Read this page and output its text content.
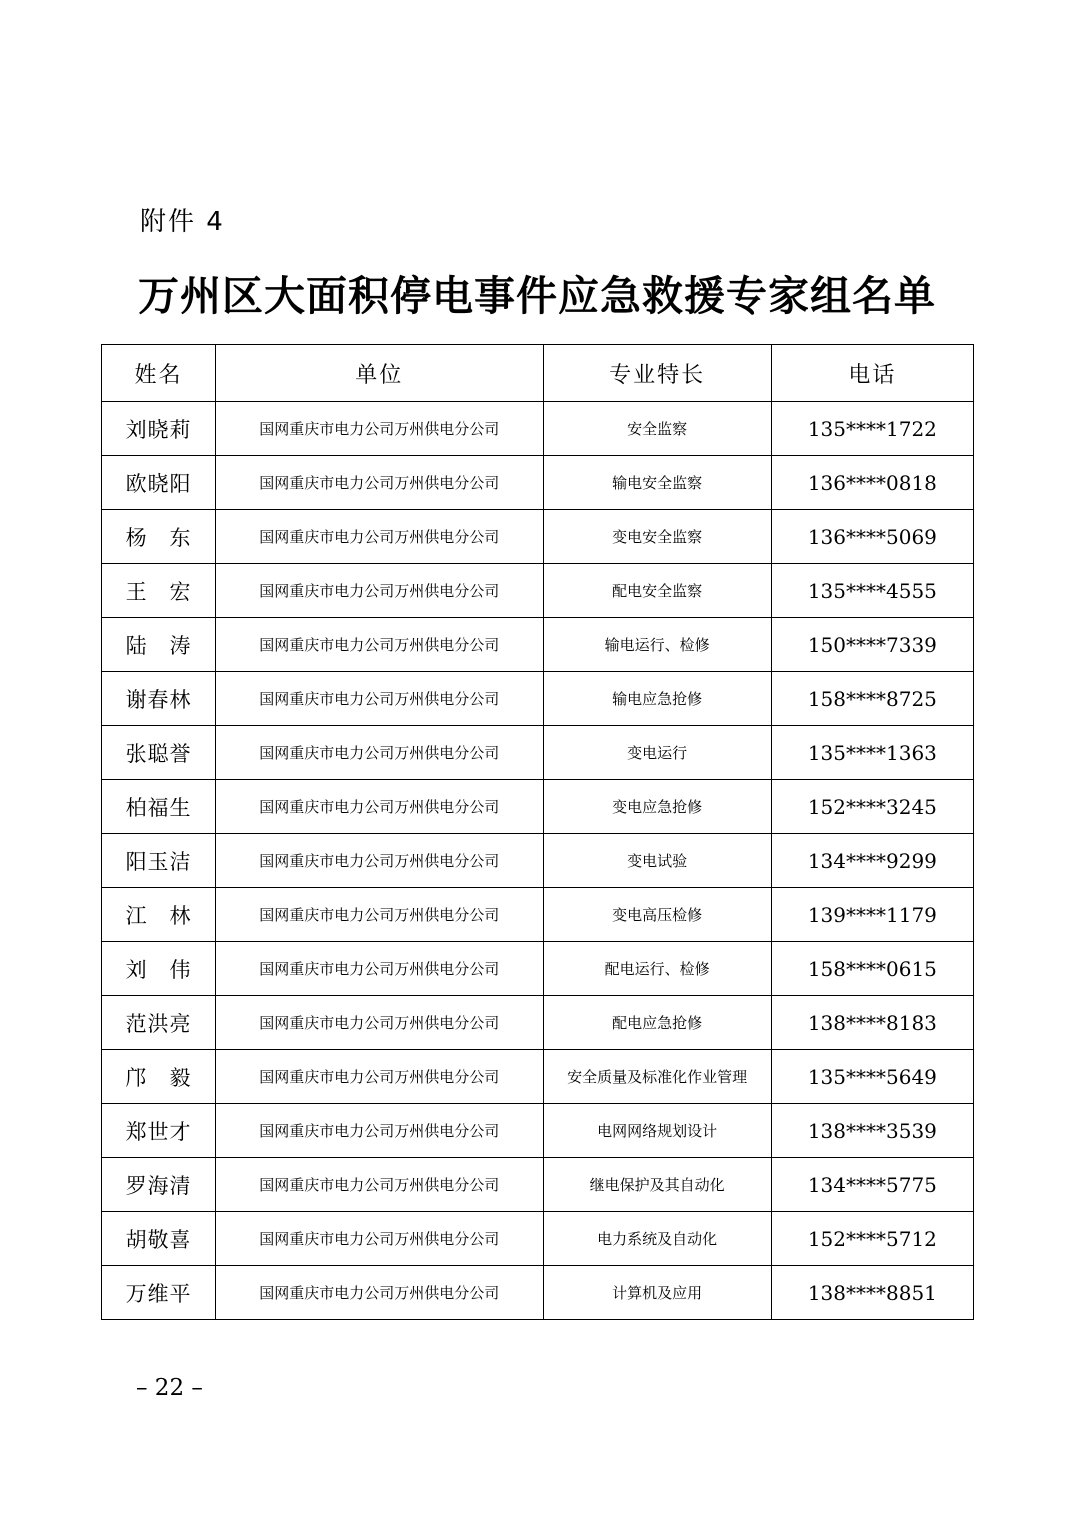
附件 4
万州区大面积停电事件应急救援专家组名单
姓名	单位	专业特长	电话
刘晓莉	国网重庆市电力公司万州供电分公司	安全监察	135****1722
欧晓阳	国网重庆市电力公司万州供电分公司	输电安全监察	136****0818
杨　东	国网重庆市电力公司万州供电分公司	变电安全监察	136****5069
王　宏	国网重庆市电力公司万州供电分公司	配电安全监察	135****4555
陆　涛	国网重庆市电力公司万州供电分公司	输电运行、检修	150****7339
谢春林	国网重庆市电力公司万州供电分公司	输电应急抢修	158****8725
张聪誉	国网重庆市电力公司万州供电分公司	变电运行	135****1363
柏福生	国网重庆市电力公司万州供电分公司	变电应急抢修	152****3245
阳玉洁	国网重庆市电力公司万州供电分公司	变电试验	134****9299
江　林	国网重庆市电力公司万州供电分公司	变电高压检修	139****1179
刘　伟	国网重庆市电力公司万州供电分公司	配电运行、检修	158****0615
范洪亮	国网重庆市电力公司万州供电分公司	配电应急抢修	138****8183
邝　毅	国网重庆市电力公司万州供电分公司	安全质量及标准化作业管理	135****5649
郑世才	国网重庆市电力公司万州供电分公司	电网网络规划设计	138****3539
罗海清	国网重庆市电力公司万州供电分公司	继电保护及其自动化	134****5775
胡敬喜	国网重庆市电力公司万州供电分公司	电力系统及自动化	152****5712
万维平	国网重庆市电力公司万州供电分公司	计算机及应用	138****8851
– 22 –
